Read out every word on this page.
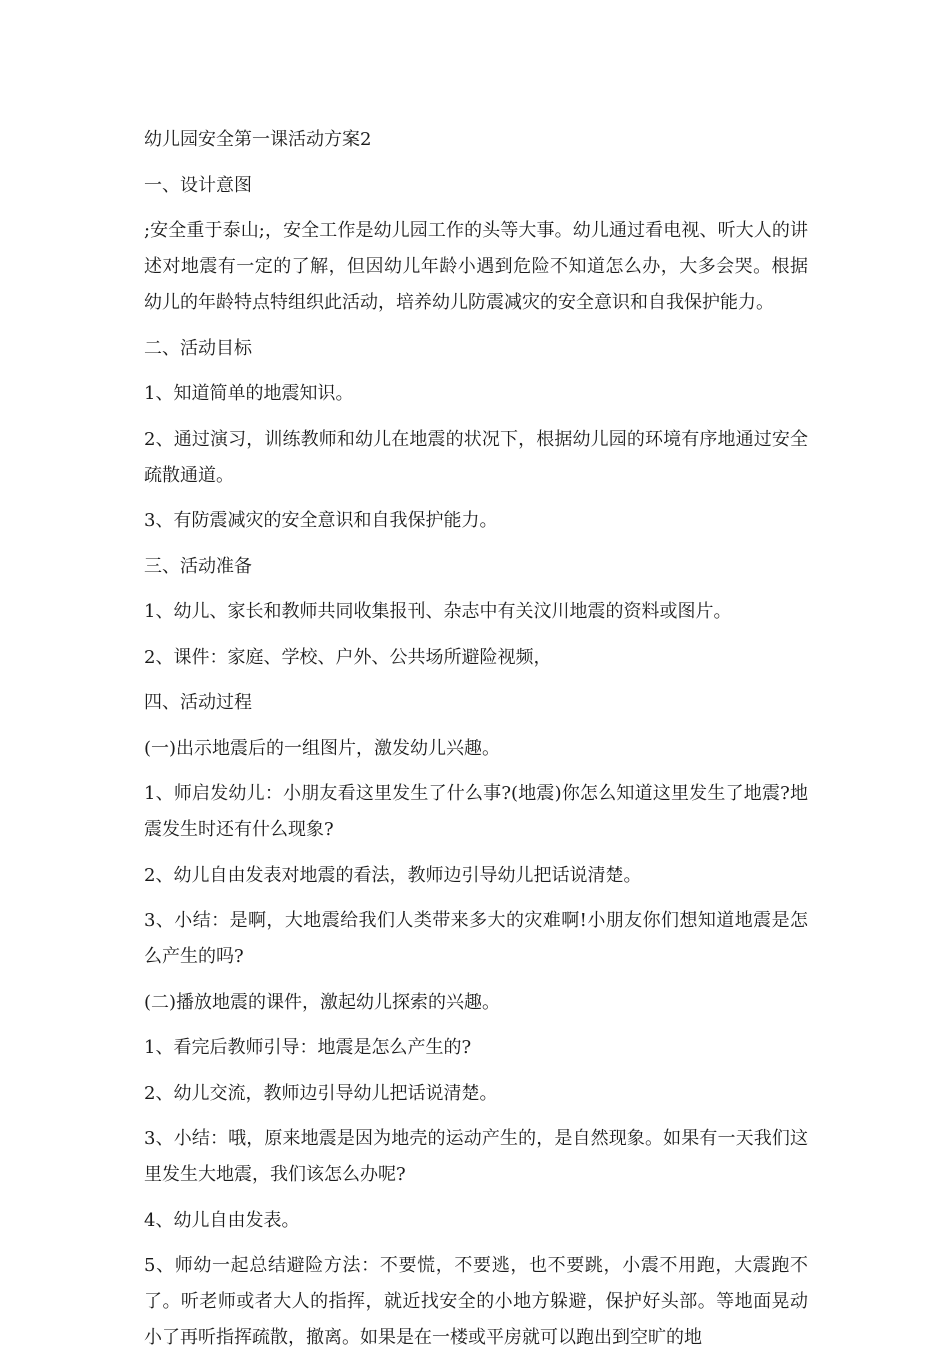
幼儿园安全第一课活动方案2

一、设计意图

;安全重于泰山;，安全工作是幼儿园工作的头等大事。幼儿通过看电视、听大人的讲述对地震有一定的了解，但因幼儿年龄小遇到危险不知道怎么办，大多会哭。根据幼儿的年龄特点特组织此活动，培养幼儿防震减灾的安全意识和自我保护能力。

二、活动目标

1、知道简单的地震知识。

2、通过演习，训练教师和幼儿在地震的状况下，根据幼儿园的环境有序地通过安全疏散通道。

3、有防震减灾的安全意识和自我保护能力。

三、活动准备

1、幼儿、家长和教师共同收集报刊、杂志中有关汶川地震的资料或图片。

2、课件：家庭、学校、户外、公共场所避险视频，

四、活动过程

(一)出示地震后的一组图片，激发幼儿兴趣。

1、师启发幼儿：小朋友看这里发生了什么事?(地震)你怎么知道这里发生了地震?地震发生时还有什么现象?

2、幼儿自由发表对地震的看法，教师边引导幼儿把话说清楚。

3、小结：是啊，大地震给我们人类带来多大的灾难啊!小朋友你们想知道地震是怎么产生的吗?

(二)播放地震的课件，激起幼儿探索的兴趣。

1、看完后教师引导：地震是怎么产生的?

2、幼儿交流，教师边引导幼儿把话说清楚。

3、小结：哦，原来地震是因为地壳的运动产生的，是自然现象。如果有一天我们这里发生大地震，我们该怎么办呢?

4、幼儿自由发表。

5、师幼一起总结避险方法：不要慌，不要逃，也不要跳，小震不用跑，大震跑不了。听老师或者大人的指挥，就近找安全的小地方躲避，保护好头部。等地面晃动小了再听指挥疏散，撤离。如果是在一楼或平房就可以跑出到空旷的地
